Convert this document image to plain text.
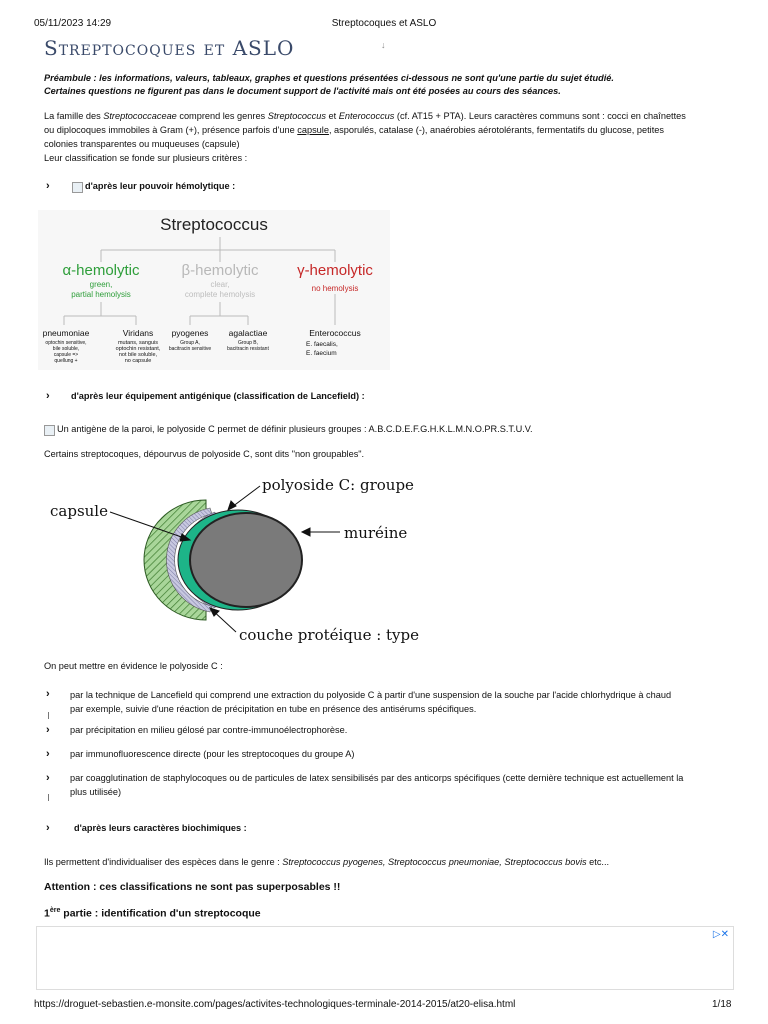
05/11/2023 14:29	Streptocoques et ASLO
Streptocoques et ASLO	↓
Préambule : les informations, valeurs, tableaux, graphes et questions présentées ci-dessous ne sont qu'une partie du sujet étudié.
Certaines questions ne figurent pas dans le document support de l'activité mais ont été posées au cours des séances.
La famille des Streptococcaceae comprend les genres Streptococcus et Enterococcus (cf. AT15 + PTA). Leurs caractères communs sont : cocci en chaînettes
ou diplocoques immobiles à Gram (+), présence parfois d'une capsule, asporulés, catalase (-), anaérobies aérotolérants, fermentatifs du glucose, petites
colonies transparentes ou muqueuses (capsule)
Leur classification se fonde sur plusieurs critères :
›	d'après leur pouvoir hémolytique :
Streptococcus
α-hemolytic
green,
partial hemolysis
β-hemolytic
clear,
complete hemolysis
γ-hemolytic
no hemolysis
pneumoniae
optochin sensitive,
bile soluble,
capsule =>
quellung +
Viridans
mutans, sanguis
optochin resistant,
not bile soluble,
no capsule
pyogenes
Group A,
bacitracin sensitive
agalactiae
Group B,
bacitracin resistant
Enterococcus
E. faecalis,
E. faecium
› d'après leur équipement antigénique (classification de Lancefield) :
Un antigène de la paroi, le polyoside C permet de définir plusieurs groupes : A.B.C.D.E.F.G.H.K.L.M.N.O.PR.S.T.U.V.
Certains streptocoques, dépourvus de polyoside C, sont dits "non groupables".
capsule
polyoside C: groupe
muréine
couche protéique : type
On peut mettre en évidence le polyoside C :
› par la technique de Lancefield qui comprend une extraction du polyoside C à partir d'une suspension de la souche par l'acide chlorhydrique à chaud
par exemple, suivie d'une réaction de précipitation en tube en présence des antisérums spécifiques.
› par précipitation en milieu gélosé par contre-immunoélectrophorèse.
› par immunofluorescence directe (pour les streptocoques du groupe A)
› par coagglutination de staphylocoques ou de particules de latex sensibilisés par des anticorps spécifiques (cette dernière technique est actuellement la
plus utilisée)
›	d'après leurs caractères biochimiques :
Ils permettent d'individualiser des espèces dans le genre : Streptococcus pyogenes, Streptococcus pneumoniae, Streptococcus bovis etc...
Attention : ces classifications ne sont pas superposables !!
1ère partie : identification d'un streptocoque
▷✕
https://droguet-sebastien.e-monsite.com/pages/activites-technologiques-terminale-2014-2015/at20-elisa.html	1/18
